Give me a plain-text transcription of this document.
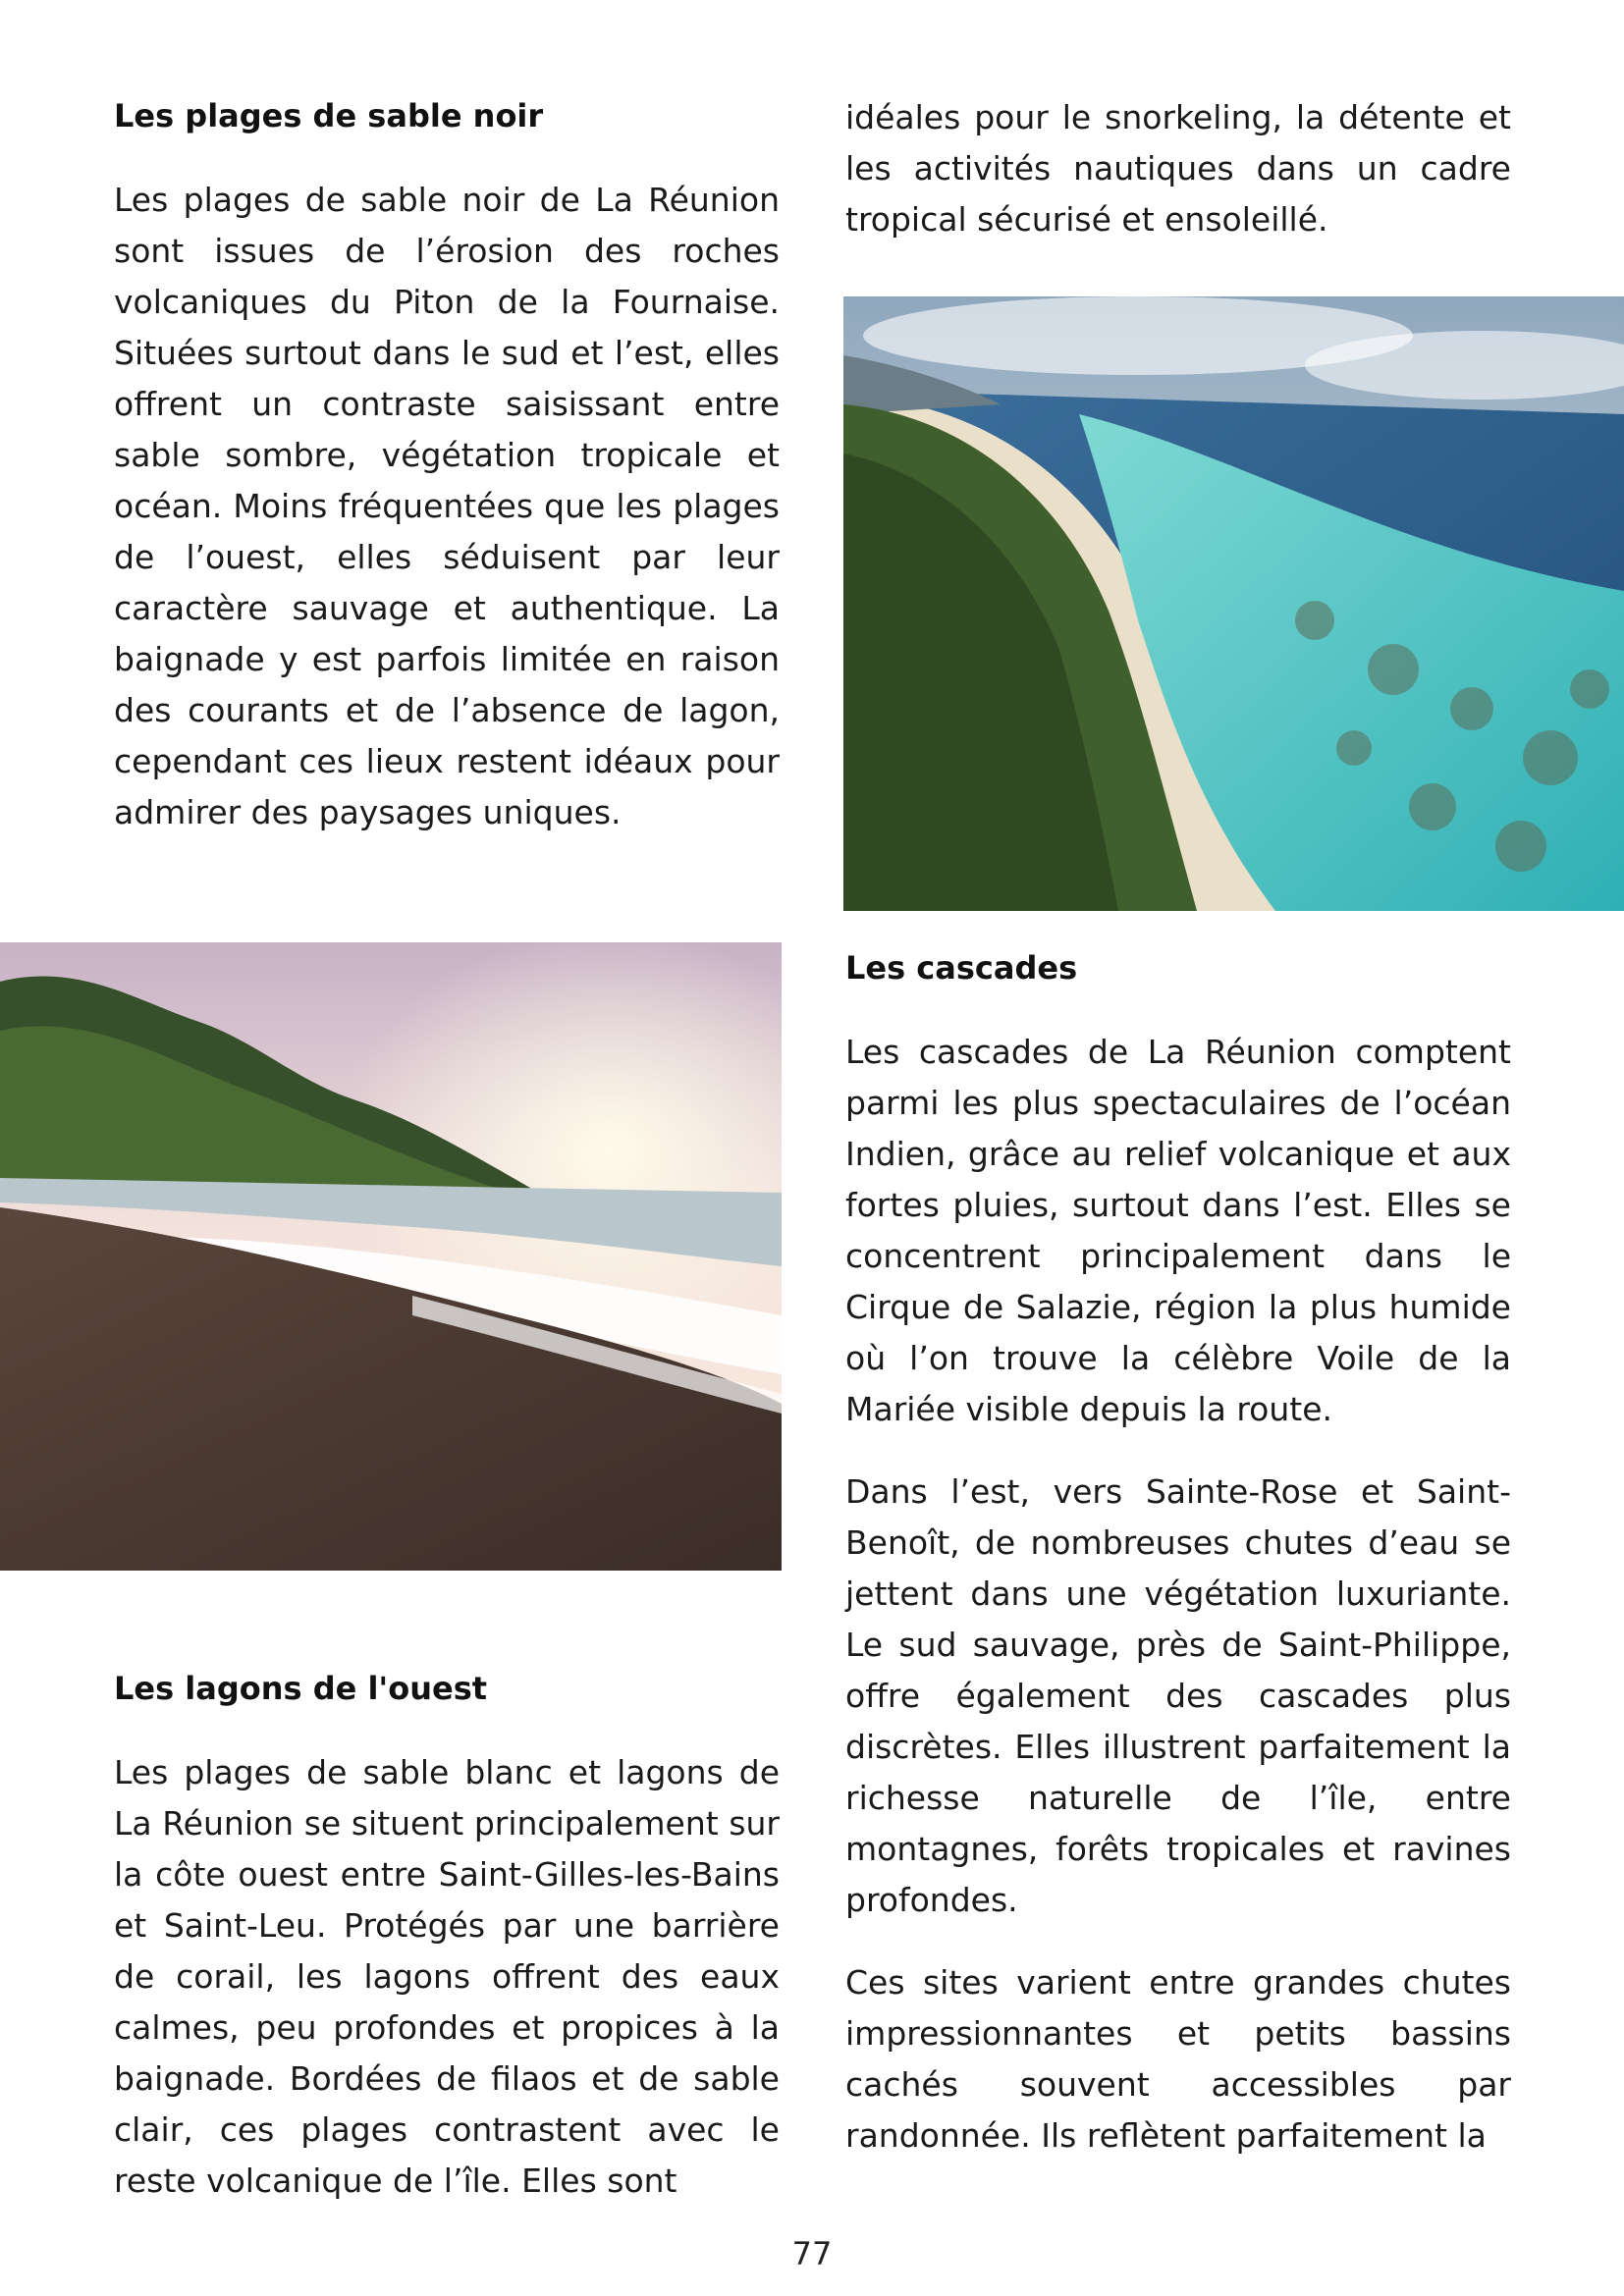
Les plages de sable noir

Les plages de sable noir de La Réunion sont issues de l’érosion des roches volcaniques du Piton de la Fournaise. Situées surtout dans le sud et l’est, elles offrent un contraste saisissant entre sable sombre, végétation tropicale et océan. Moins fréquentées que les plages de l’ouest, elles séduisent par leur caractère sauvage et authentique. La baignade y est parfois limitée en raison des courants et de l’absence de lagon, cependant ces lieux restent idéaux pour admirer des paysages uniques.

Les lagons de l'ouest

Les plages de sable blanc et lagons de La Réunion se situent principalement sur la côte ouest entre Saint-Gilles-les-Bains et Saint-Leu. Protégés par une barrière de corail, les lagons offrent des eaux calmes, peu profondes et propices à la baignade. Bordées de filaos et de sable clair, ces plages contrastent avec le reste volcanique de l’île. Elles sont

idéales pour le snorkeling, la détente et les activités nautiques dans un cadre tropical sécurisé et ensoleillé.

Les cascades

Les cascades de La Réunion comptent parmi les plus spectaculaires de l’océan Indien, grâce au relief volcanique et aux fortes pluies, surtout dans l’est. Elles se concentrent principalement dans le Cirque de Salazie, région la plus humide où l’on trouve la célèbre Voile de la Mariée visible depuis la route.

Dans l’est, vers Sainte-Rose et Saint-Benoît, de nombreuses chutes d’eau se jettent dans une végétation luxuriante. Le sud sauvage, près de Saint-Philippe, offre également des cascades plus discrètes. Elles illustrent parfaitement la richesse naturelle de l’île, entre montagnes, forêts tropicales et ravines profondes.

Ces sites varient entre grandes chutes impressionnantes et petits bassins cachés souvent accessibles par randonnée. Ils reflètent parfaitement la

77
